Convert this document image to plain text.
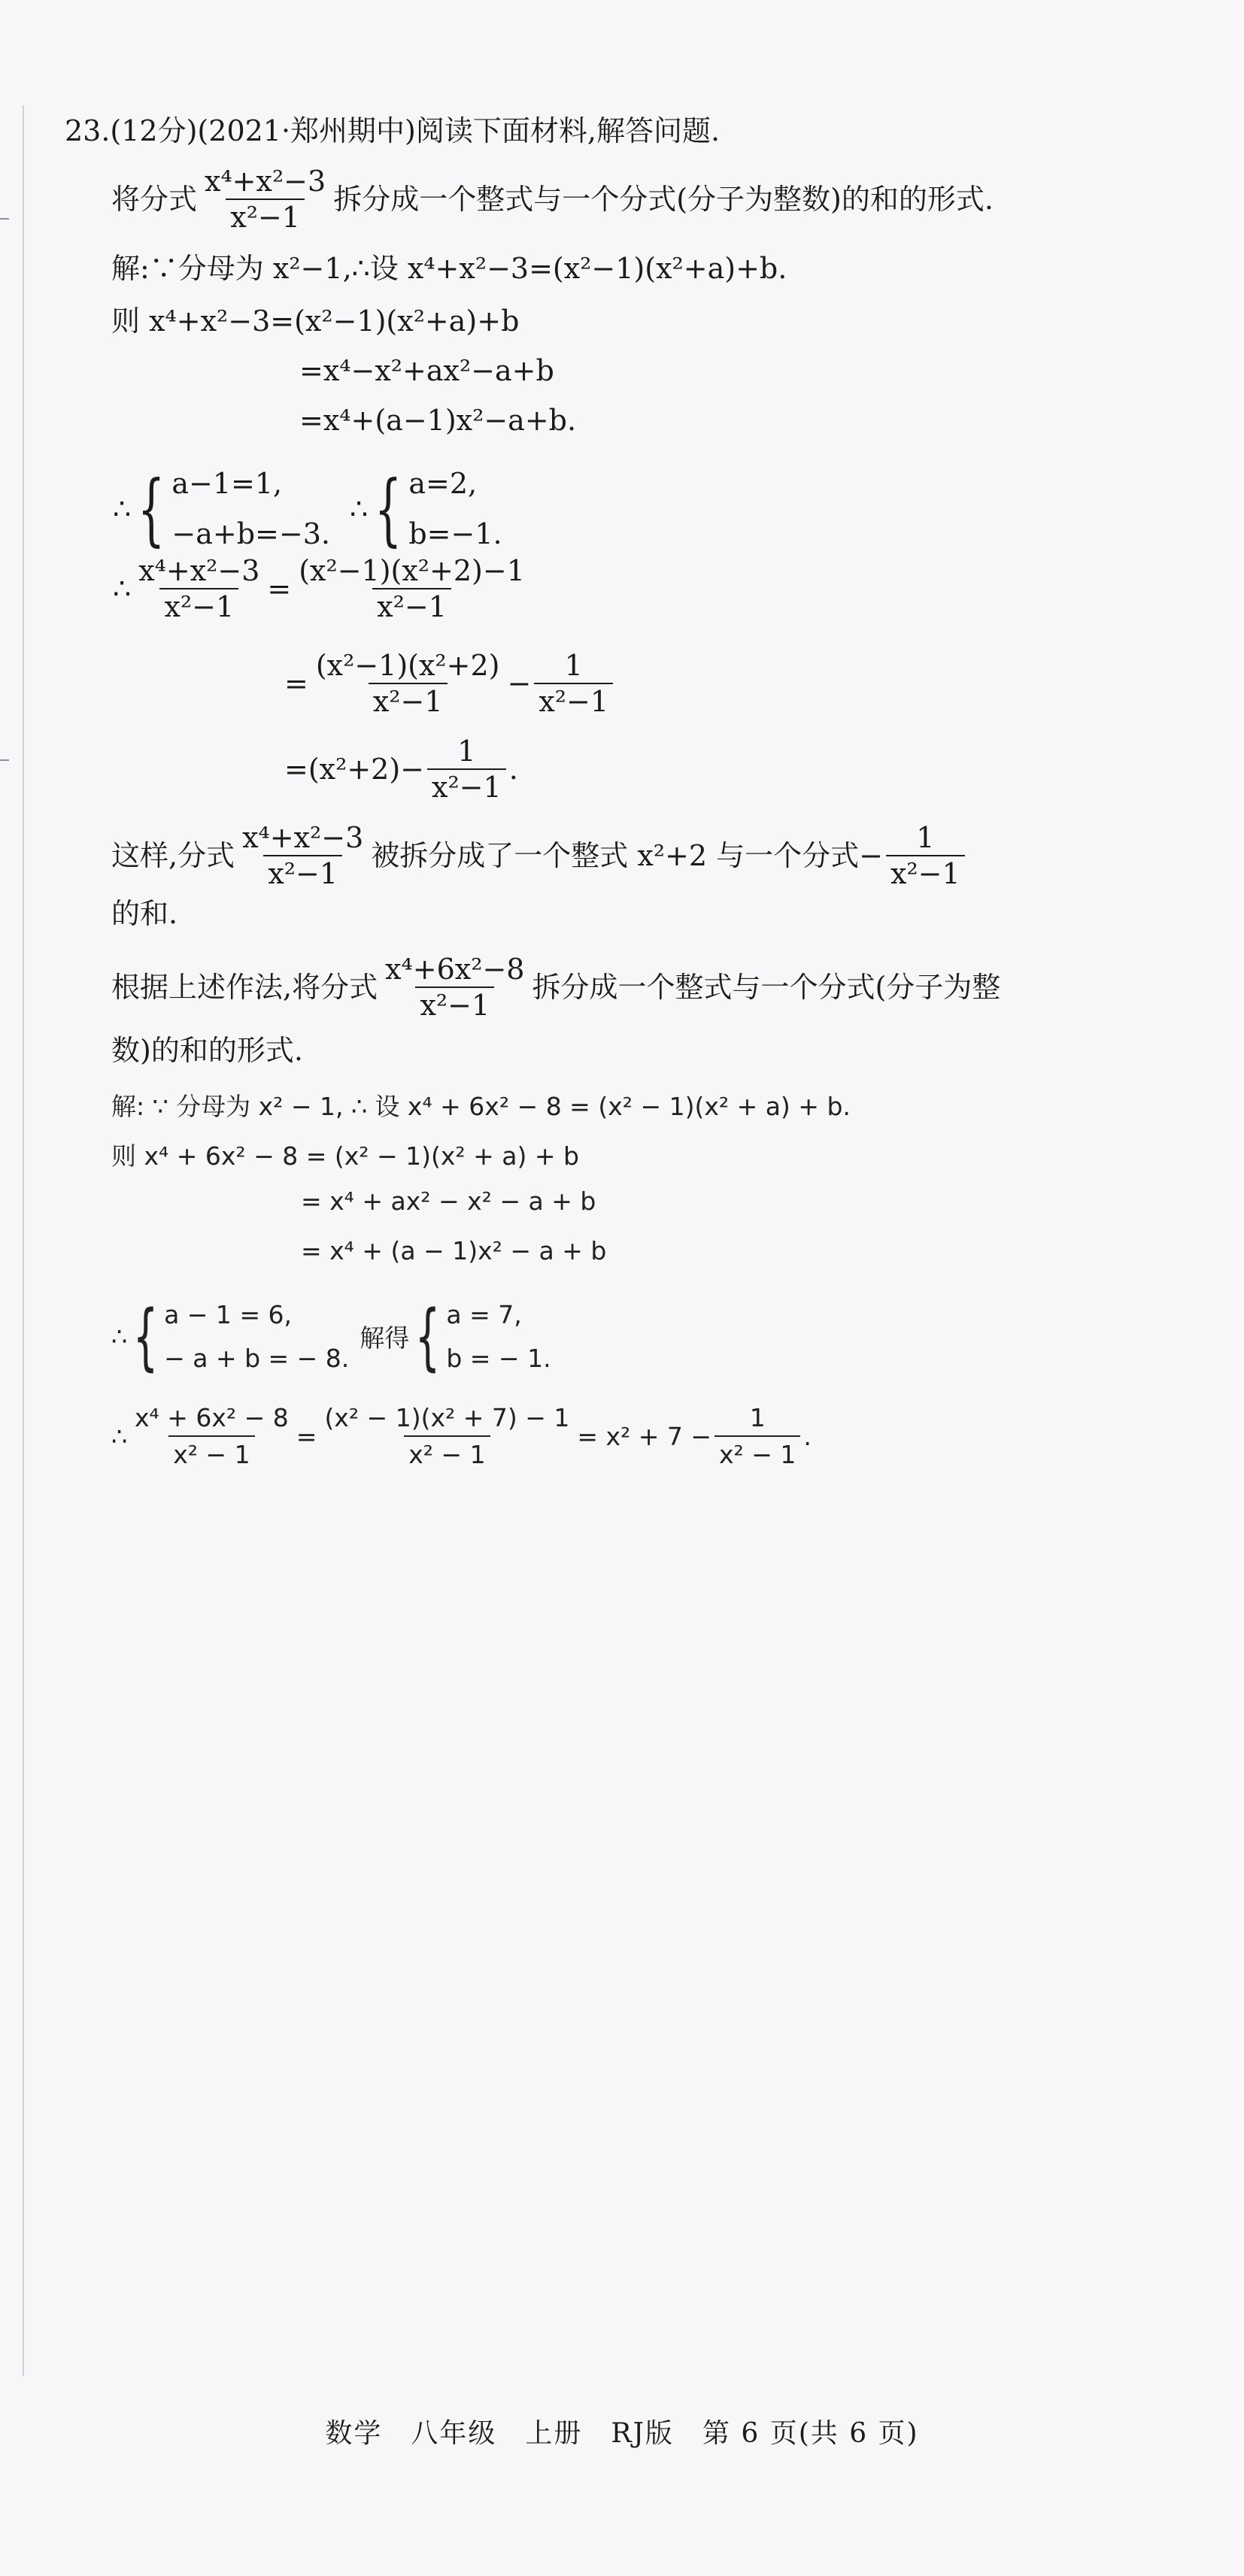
23.(12分)(2021·郑州期中)阅读下面材料,解答问题.
将分式 $\frac{\text{x⁴+x²−3}}{\text{x²−1}}$ 拆分成一个整式与一个分式(分子为整数)的和的形式.
解:∵分母为 x²−1,∴设 x⁴+x²−3=(x²−1)(x²+a)+b.
则 x⁴+x²−3=(x²−1)(x²+a)+b
=x⁴−x²+ax²−a+b
=x⁴+(a−1)x²−a+b.
∴ { a−1=1,
−a+b=−3.
∴ { a=2,
b=−1.
∴ $\frac{\text{x⁴+x²−3}}{\text{x²−1}} = \frac{\text{(x²−1)(x²+2)−1}}{\text{x²−1}}$
= $\frac{\text{(x²−1)(x²+2)}}{\text{x²−1}} - \frac{1}{\text{x²−1}}$
$=(x^2+2)- \frac{1}{\text{x²−1}}$ .
这样,分式 $\frac{\text{x⁴+x²−3}}{\text{x²−1}}$ 被拆分成了一个整式 x²+2 与一个分式− $\frac{1}{\text{x²−1}}$
的和.
根据上述作法,将分式 $\frac{\text{x⁴+6x²−8}}{\text{x²−1}}$ 拆分成一个整式与一个分式(分子为整
数)的和的形式.
解: ∵ 分母为 x² − 1, ∴ 设 x⁴ + 6x² − 8 = (x² − 1)(x² + a) + b.
则 x⁴ + 6x² − 8 = (x² − 1)(x² + a) + b
= x⁴ + ax² − x² − a + b
= x⁴ + (a − 1)x² − a + b
∴ { a − 1 = 6,
− a + b = − 8.
解得 { a = 7,
b = − 1.
∴ $\frac{\text{x⁴ + 6x² − 8}}{\text{x² − 1}} = \frac{\text{(x² − 1)(x² + 7) − 1}}{\text{x² − 1}} = x^2 + 7 - \frac{1}{\text{x² − 1}}$ .
数学　八年级　上册　RJ版　第 6 页(共 6 页)
